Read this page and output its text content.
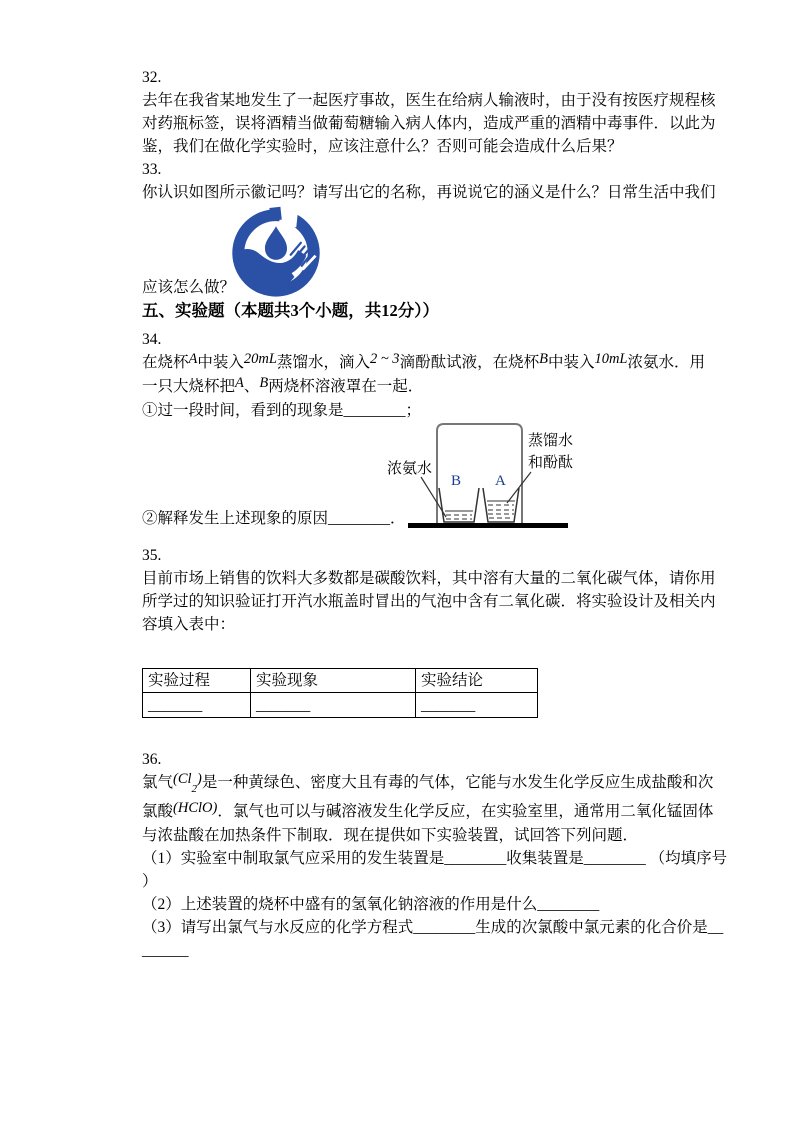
32.
去年在我省某地发生了一起医疗事故，医生在给病人输液时，由于没有按医疗规程核
对药瓶标签，误将酒精当做葡萄糖输入病人体内，造成严重的酒精中毒事件．以此为
鉴，我们在做化学实验时，应该注意什么？否则可能会造成什么后果？
33.
你认识如图所示徽记吗？请写出它的名称，再说说它的涵义是什么？日常生活中我们
应该怎么做？
五、实验题（本题共3个小题，共12分））
34.
在烧杯A中装入20mL蒸馏水，滴入2 ~ 3滴酚酞试液，在烧杯B中装入10mL浓氨水．用
一只大烧杯把A、B两烧杯溶液罩在一起．
①过一段时间，看到的现象是________；
B A
浓氨水
蒸馏水
和酚酞
②解释发生上述现象的原因________．
35.
目前市场上销售的饮料大多数都是碳酸饮料，其中溶有大量的二氧化碳气体，请你用
所学过的知识验证打开汽水瓶盖时冒出的气泡中含有二氧化碳．将实验设计及相关内
容填入表中：
实验过程	实验现象	实验结论
_______	_______	_______
36.
氯气$(Cl_2)$是一种黄绿色、密度大且有毒的气体，它能与水发生化学反应生成盐酸和次
氯酸(HClO)．氯气也可以与碱溶液发生化学反应，在实验室里，通常用二氧化锰固体
与浓盐酸在加热条件下制取．现在提供如下实验装置，试回答下列问题．
（1）实验室中制取氯气应采用的发生装置是________收集装置是________ （均填序号
）
（2）上述装置的烧杯中盛有的氢氧化钠溶液的作用是什么________
（3）请写出氯气与水反应的化学方程式________生成的次氯酸中氯元素的化合价是__
______
